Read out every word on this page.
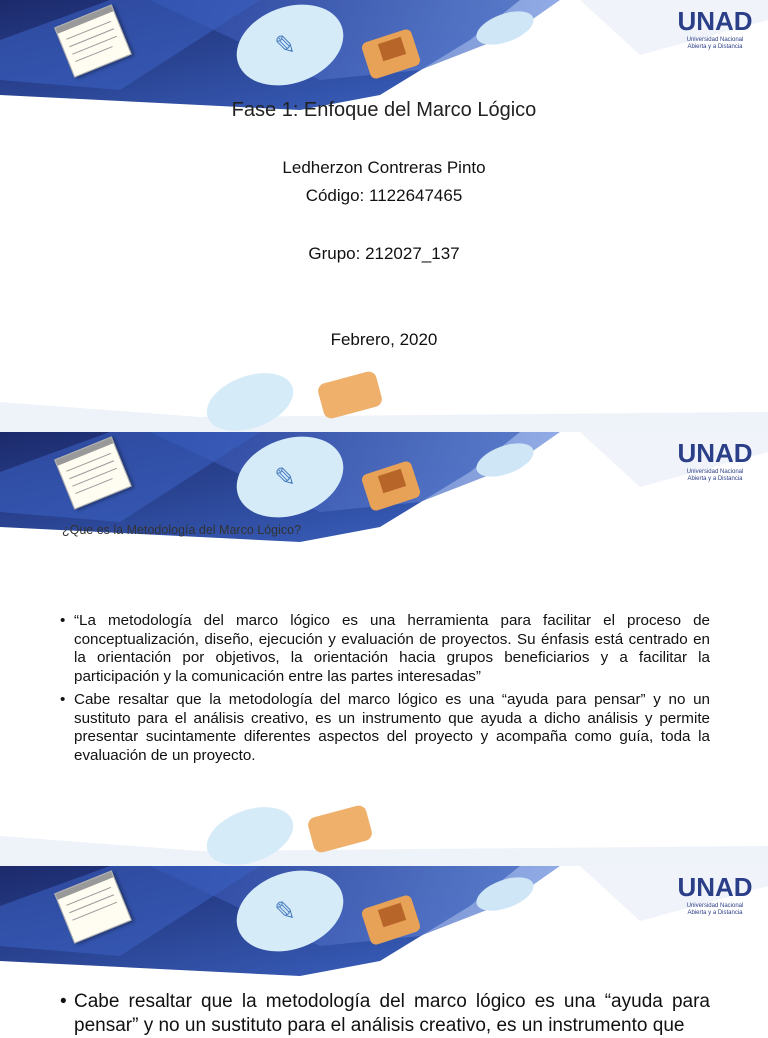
✎
UNAD
Universidad Nacional
Abierta y a Distancia
Fase 1: Enfoque del Marco Lógico
Ledherzon Contreras Pinto
Código: 1122647465
Grupo: 212027_137
Febrero, 2020
✎
UNAD
Universidad Nacional
Abierta y a Distancia
¿Que es la Metodología del Marco Lógico?
• “La metodología del marco lógico es una herramienta para facilitar el proceso de conceptualización, diseño, ejecución y evaluación de proyectos. Su énfasis está centrado en la orientación por objetivos, la orientación hacia grupos beneficiarios y a facilitar la participación y la comunicación entre las partes interesadas”
• Cabe resaltar que la metodología del marco lógico es una “ayuda para pensar” y no un sustituto para el análisis creativo, es un instrumento que ayuda a dicho análisis y permite presentar sucintamente diferentes aspectos del proyecto y acompaña como guía, toda la evaluación de un proyecto.
✎
UNAD
Universidad Nacional
Abierta y a Distancia
• Cabe resaltar que la metodología del marco lógico es una “ayuda para pensar” y no un sustituto para el análisis creativo, es un instrumento que
